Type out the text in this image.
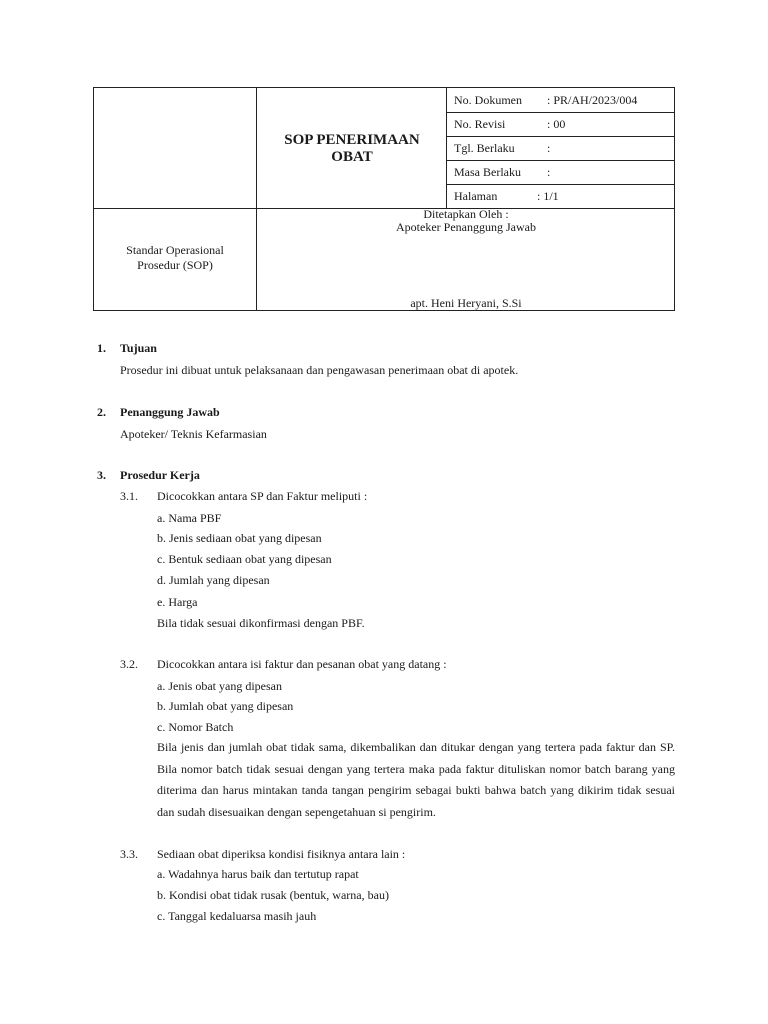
SOP PENERIMAAN
OBAT
No. Dokumen : PR/AH/2023/004
No. Revisi	: 00
Tgl. Berlaku	:
Masa Berlaku :
Halaman	: 1/1
Standar Operasional
Prosedur (SOP)
Ditetapkan Oleh :
Apoteker Penanggung Jawab
apt. Heni Heryani, S.Si
1. Tujuan
Prosedur ini dibuat untuk pelaksanaan dan pengawasan penerimaan obat di apotek.
2. Penanggung Jawab
Apoteker/ Teknis Kefarmasian
3. Prosedur Kerja
3.1. Dicocokkan antara SP dan Faktur meliputi :
a. Nama PBF
b. Jenis sediaan obat yang dipesan
c. Bentuk sediaan obat yang dipesan
d. Jumlah yang dipesan
e. Harga
Bila tidak sesuai dikonfirmasi dengan PBF.
3.2. Dicocokkan antara isi faktur dan pesanan obat yang datang :
a. Jenis obat yang dipesan
b. Jumlah obat yang dipesan
c. Nomor Batch
Bila jenis dan jumlah obat tidak sama, dikembalikan dan ditukar dengan yang tertera pada faktur dan SP. Bila nomor batch tidak sesuai dengan yang tertera maka pada faktur dituliskan nomor batch barang yang diterima dan harus mintakan tanda tangan pengirim sebagai bukti bahwa batch yang dikirim tidak sesuai dan sudah disesuaikan dengan sepengetahuan si pengirim.
3.3. Sediaan obat diperiksa kondisi fisiknya antara lain :
a. Wadahnya harus baik dan tertutup rapat
b. Kondisi obat tidak rusak (bentuk, warna, bau)
c. Tanggal kedaluarsa masih jauh
